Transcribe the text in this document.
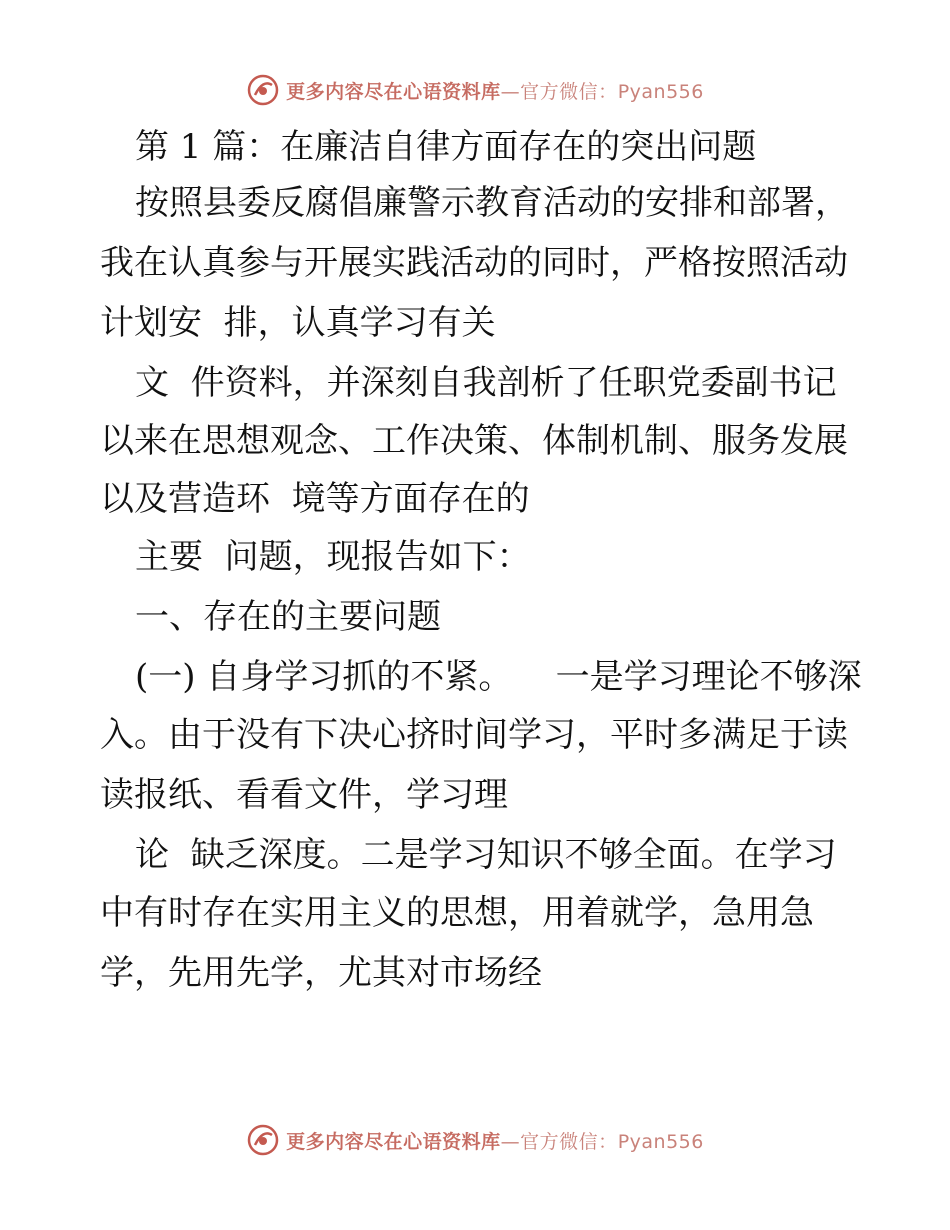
更多内容尽在心语资料库—官方微信：Pyan556
第 1 篇：在廉洁自律方面存在的突出问题
按照县委反腐倡廉警示教育活动的安排和部署，
我在认真参与开展实践活动的同时，严格按照活动
计划安  排，认真学习有关
文  件资料，并深刻自我剖析了任职党委副书记
以来在思想观念、工作决策、体制机制、服务发展
以及营造环  境等方面存在的
主要  问题，现报告如下：
一、存在的主要问题
(一) 自身学习抓的不紧。    一是学习理论不够深
入。由于没有下决心挤时间学习，平时多满足于读
读报纸、看看文件，学习理
论  缺乏深度。二是学习知识不够全面。在学习
中有时存在实用主义的思想，用着就学，急用急
学，先用先学，尤其对市场经
更多内容尽在心语资料库—官方微信：Pyan556
